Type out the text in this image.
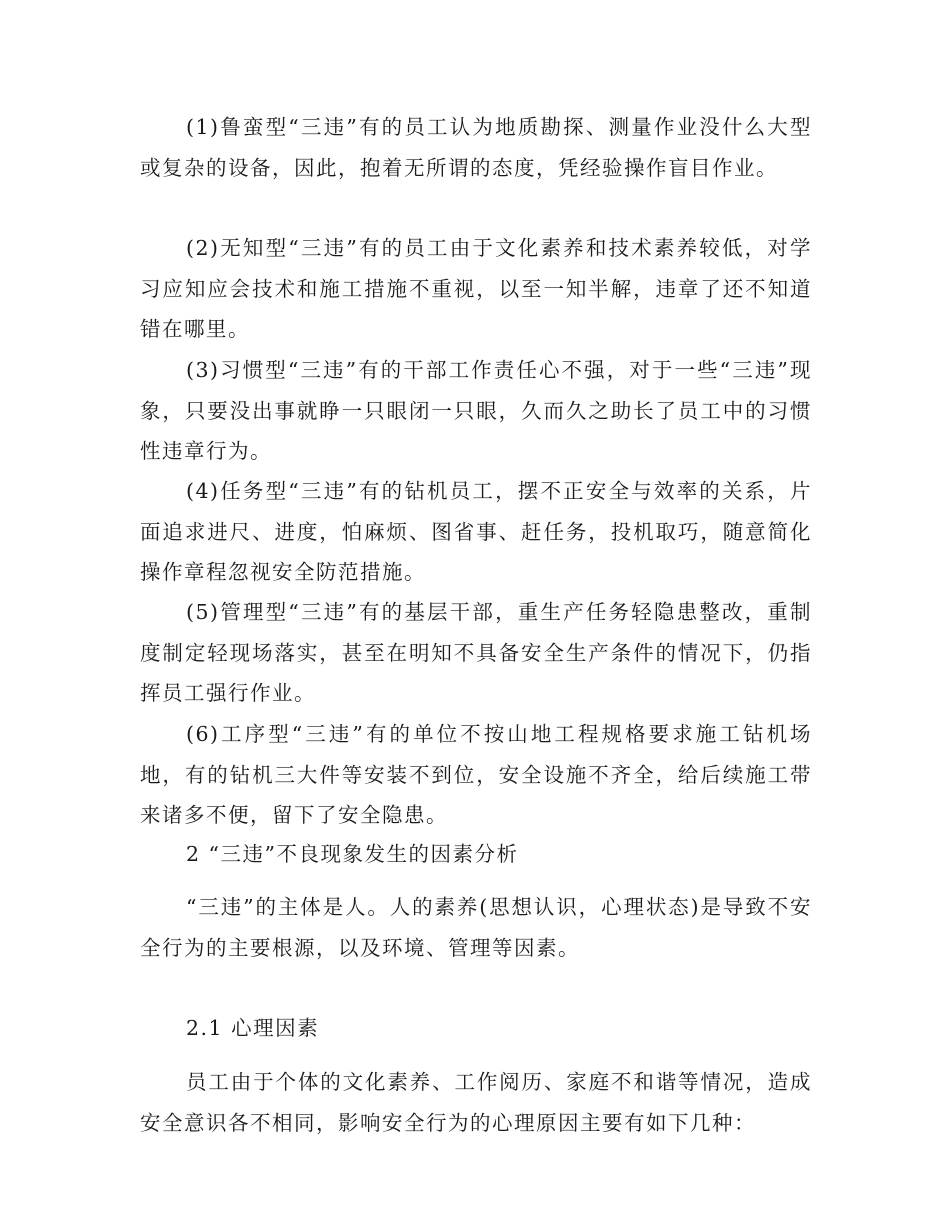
(1)鲁蛮型“三违”有的员工认为地质勘探、测量作业没什么大型或复杂的设备，因此，抱着无所谓的态度，凭经验操作盲目作业。

(2)无知型“三违”有的员工由于文化素养和技术素养较低，对学习应知应会技术和施工措施不重视，以至一知半解，违章了还不知道错在哪里。

(3)习惯型“三违”有的干部工作责任心不强，对于一些“三违”现象，只要没出事就睁一只眼闭一只眼，久而久之助长了员工中的习惯性违章行为。

(4)任务型“三违”有的钻机员工，摆不正安全与效率的关系，片面追求进尺、进度，怕麻烦、图省事、赶任务，投机取巧，随意简化操作章程忽视安全防范措施。

(5)管理型“三违”有的基层干部，重生产任务轻隐患整改，重制度制定轻现场落实，甚至在明知不具备安全生产条件的情况下，仍指挥员工强行作业。

(6)工序型“三违”有的单位不按山地工程规格要求施工钻机场地，有的钻机三大件等安装不到位，安全设施不齐全，给后续施工带来诸多不便，留下了安全隐患。

2 “三违”不良现象发生的因素分析

“三违”的主体是人。人的素养(思想认识，心理状态)是导致不安全行为的主要根源，以及环境、管理等因素。

2.1 心理因素

员工由于个体的文化素养、工作阅历、家庭不和谐等情况，造成安全意识各不相同，影响安全行为的心理原因主要有如下几种：
